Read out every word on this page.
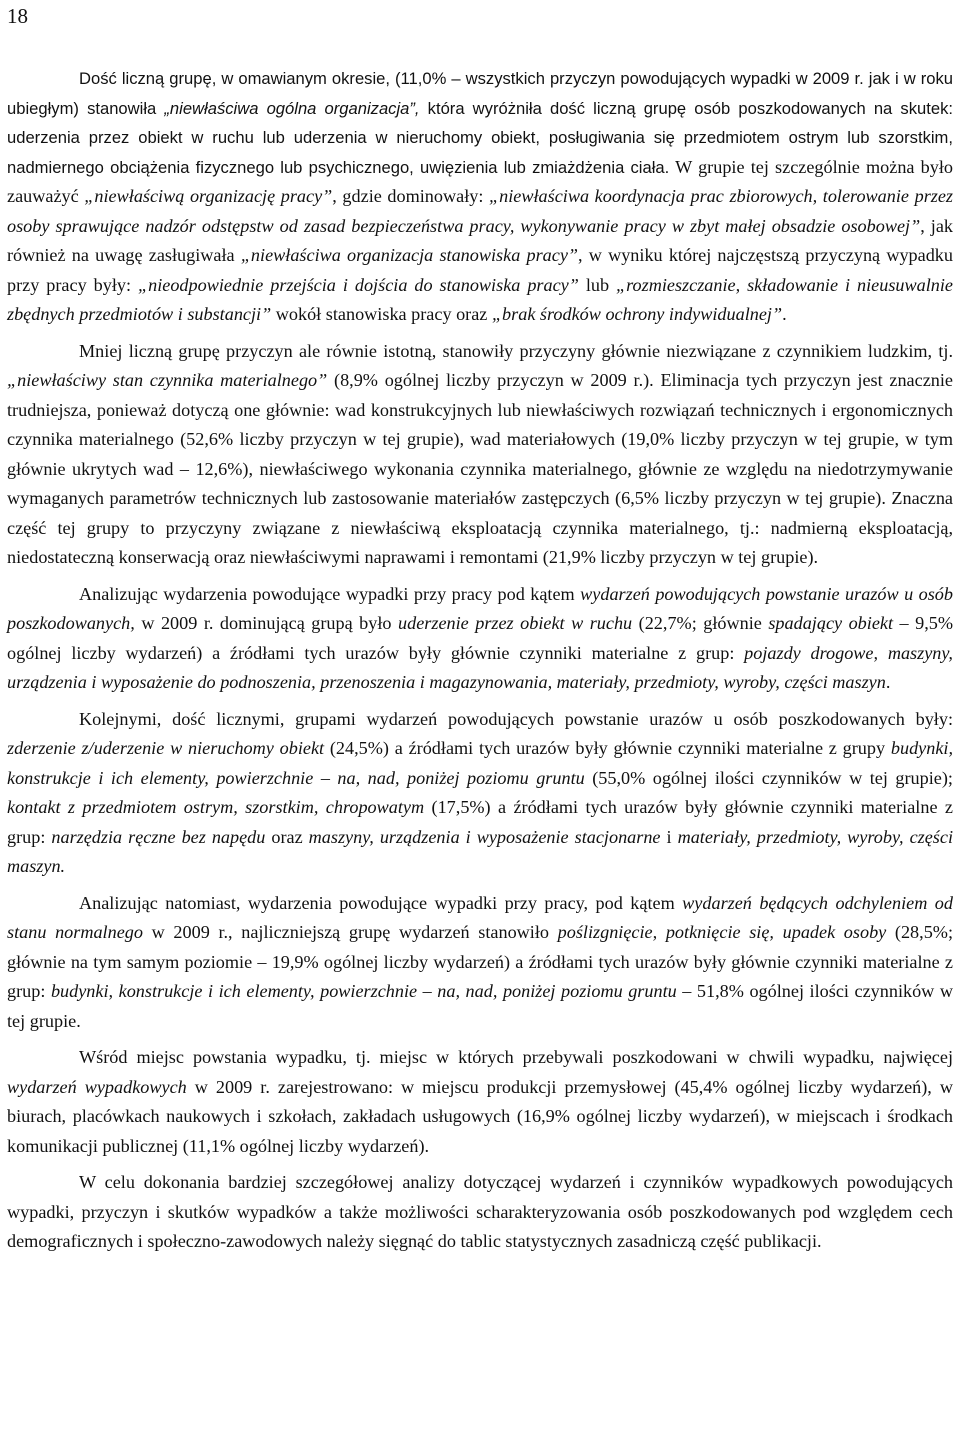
18

Dość liczną grupę, w omawianym okresie, (11,0% – wszystkich przyczyn powodujących wypadki w 2009 r. jak i w roku ubiegłym) stanowiła „niewłaściwa ogólna organizacja”, która wyróżniła dość liczną grupę osób poszkodowanych na skutek: uderzenia przez obiekt w ruchu lub uderzenia w nieruchomy obiekt, posługiwania się przedmiotem ostrym lub szorstkim, nadmiernego obciążenia fizycznego lub psychicznego, uwięzienia lub zmiażdżenia ciała. W grupie tej szczególnie można było zauważyć „niewłaściwą organizację pracy”, gdzie dominowały: „niewłaściwa koordynacja prac zbiorowych, tolerowanie przez osoby sprawujące nadzór odstępstw od zasad bezpieczeństwa pracy, wykonywanie pracy w zbyt małej obsadzie osobowej”, jak również na uwagę zasługiwała „niewłaściwa organizacja stanowiska pracy”, w wyniku której najczęstszą przyczyną wypadku przy pracy były: „nieodpowiednie przejścia i dojścia do stanowiska pracy” lub „rozmieszczanie, składowanie i nieusuwalnie zbędnych przedmiotów i substancji” wokół stanowiska pracy oraz „brak środków ochrony indywidualnej”.

Mniej liczną grupę przyczyn ale równie istotną, stanowiły przyczyny głównie niezwiązane z czynnikiem ludzkim, tj. „niewłaściwy stan czynnika materialnego” (8,9% ogólnej liczby przyczyn w 2009 r.). Eliminacja tych przyczyn jest znacznie trudniejsza, ponieważ dotyczą one głównie: wad konstrukcyjnych lub niewłaściwych rozwiązań technicznych i ergonomicznych czynnika materialnego (52,6% liczby przyczyn w tej grupie), wad materiałowych (19,0% liczby przyczyn w tej grupie, w tym głównie ukrytych wad – 12,6%), niewłaściwego wykonania czynnika materialnego, głównie ze względu na niedotrzymywanie wymaganych parametrów technicznych lub zastosowanie materiałów zastępczych (6,5% liczby przyczyn w tej grupie). Znaczna część tej grupy to przyczyny związane z niewłaściwą eksploatacją czynnika materialnego, tj.: nadmierną eksploatacją, niedostateczną konserwacją oraz niewłaściwymi naprawami i remontami (21,9% liczby przyczyn w tej grupie).

Analizując wydarzenia powodujące wypadki przy pracy pod kątem wydarzeń powodujących powstanie urazów u osób poszkodowanych, w 2009 r. dominującą grupą było uderzenie przez obiekt w ruchu (22,7%; głównie spadający obiekt – 9,5% ogólnej liczby wydarzeń) a źródłami tych urazów były głównie czynniki materialne z grup: pojazdy drogowe, maszyny, urządzenia i wyposażenie do podnoszenia, przenoszenia i magazynowania, materiały, przedmioty, wyroby, części maszyn.

Kolejnymi, dość licznymi, grupami wydarzeń powodujących powstanie urazów u osób poszkodowanych były: zderzenie z/uderzenie w nieruchomy obiekt (24,5%) a źródłami tych urazów były głównie czynniki materialne z grupy budynki, konstrukcje i ich elementy, powierzchnie – na, nad, poniżej poziomu gruntu (55,0% ogólnej ilości czynników w tej grupie); kontakt z przedmiotem ostrym, szorstkim, chropowatym (17,5%) a źródłami tych urazów były głównie czynniki materialne z grup: narzędzia ręczne bez napędu oraz maszyny, urządzenia i wyposażenie stacjonarne i materiały, przedmioty, wyroby, części maszyn.

Analizując natomiast, wydarzenia powodujące wypadki przy pracy, pod kątem wydarzeń będących odchyleniem od stanu normalnego w 2009 r., najliczniejszą grupę wydarzeń stanowiło poślizgnięcie, potknięcie się, upadek osoby (28,5%; głównie na tym samym poziomie – 19,9% ogólnej liczby wydarzeń) a źródłami tych urazów były głównie czynniki materialne z grup: budynki, konstrukcje i ich elementy, powierzchnie – na, nad, poniżej poziomu gruntu – 51,8% ogólnej ilości czynników w tej grupie.

Wśród miejsc powstania wypadku, tj. miejsc w których przebywali poszkodowani w chwili wypadku, najwięcej wydarzeń wypadkowych w 2009 r. zarejestrowano: w miejscu produkcji przemysłowej (45,4% ogólnej liczby wydarzeń), w biurach, placówkach naukowych i szkołach, zakładach usługowych (16,9% ogólnej liczby wydarzeń), w miejscach i środkach komunikacji publicznej (11,1% ogólnej liczby wydarzeń).

W celu dokonania bardziej szczegółowej analizy dotyczącej wydarzeń i czynników wypadkowych powodujących wypadki, przyczyn i skutków wypadków a także możliwości scharakteryzowania osób poszkodowanych pod względem cech demograficznych i społeczno-zawodowych należy sięgnąć do tablic statystycznych zasadniczą część publikacji.
